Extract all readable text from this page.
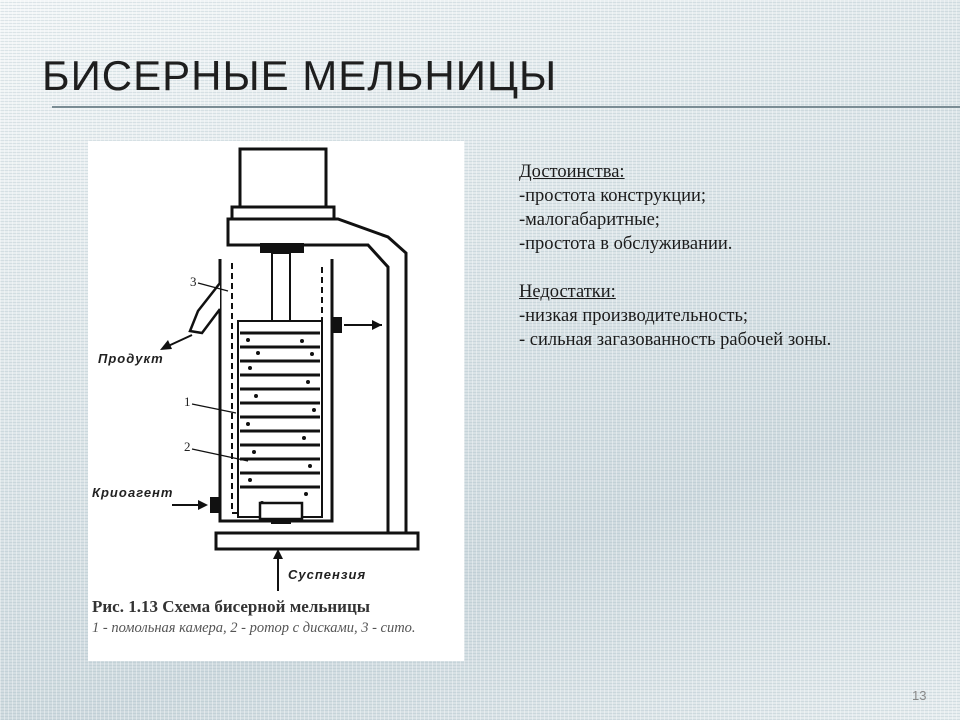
БИСЕРНЫЕ МЕЛЬНИЦЫ
3
1
2
Продукт
Криоагент
Суспензия

Рис. 1.13 Схема бисерной мельницы

1 - помольная камера, 2 - ротор с дисками, 3 - сито.
Достоинства:
-простота конструкции;
-малогабаритные;
-простота в обслуживании.
Недостатки:
-низкая производительность;
- сильная загазованность рабочей зоны.
13
